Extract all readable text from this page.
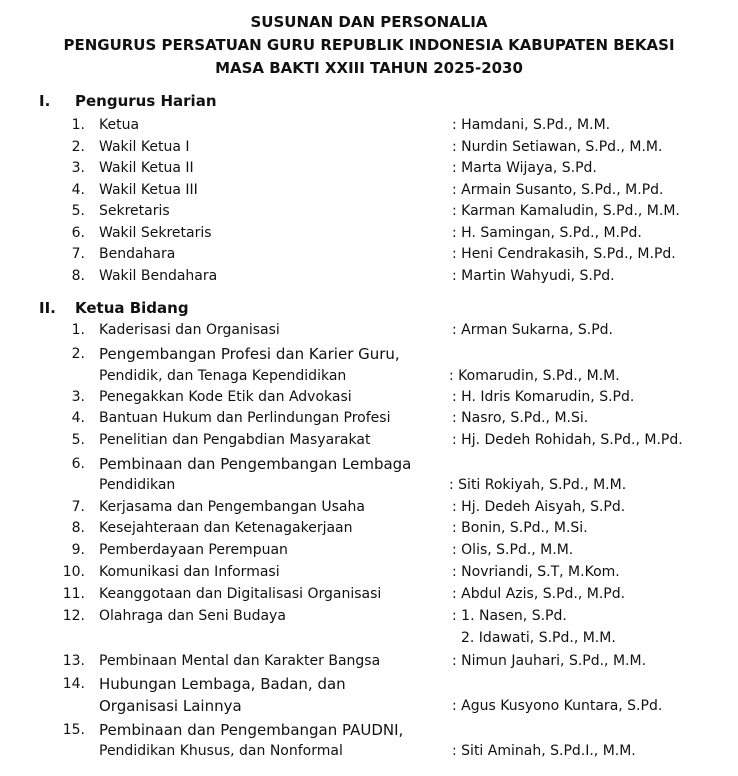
SUSUNAN DAN PERSONALIA
PENGURUS PERSATUAN GURU REPUBLIK INDONESIA KABUPATEN BEKASI
MASA BAKTI XXIII TAHUN 2025-2030
I. Pengurus Harian
1. Ketua	: Hamdani, S.Pd., M.M.
2. Wakil Ketua I	: Nurdin Setiawan, S.Pd., M.M.
3. Wakil Ketua II	: Marta Wijaya, S.Pd.
4. Wakil Ketua III	: Armain Susanto, S.Pd., M.Pd.
5. Sekretaris	: Karman Kamaludin, S.Pd., M.M.
6. Wakil Sekretaris	: H. Samingan, S.Pd., M.Pd.
7. Bendahara	: Heni Cendrakasih, S.Pd., M.Pd.
8. Wakil Bendahara	: Martin Wahyudi, S.Pd.
II. Ketua Bidang
1. Kaderisasi dan Organisasi	: Arman Sukarna, S.Pd.
2. Pengembangan Profesi dan Karier Guru,
Pendidik, dan Tenaga Kependidikan	: Komarudin, S.Pd., M.M.
3. Penegakkan Kode Etik dan Advokasi	: H. Idris Komarudin, S.Pd.
4. Bantuan Hukum dan Perlindungan Profesi	: Nasro, S.Pd., M.Si.
5. Penelitian dan Pengabdian Masyarakat	: Hj. Dedeh Rohidah, S.Pd., M.Pd.
6. Pembinaan dan Pengembangan Lembaga
Pendidikan	: Siti Rokiyah, S.Pd., M.M.
7. Kerjasama dan Pengembangan Usaha	: Hj. Dedeh Aisyah, S.Pd.
8. Kesejahteraan dan Ketenagakerjaan	: Bonin, S.Pd., M.Si.
9. Pemberdayaan Perempuan	: Olis, S.Pd., M.M.
10. Komunikasi dan Informasi	: Novriandi, S.T, M.Kom.
11. Keanggotaan dan Digitalisasi Organisasi	: Abdul Azis, S.Pd., M.Pd.
12. Olahraga dan Seni Budaya	: 1. Nasen, S.Pd.
2. Idawati, S.Pd., M.M.
13. Pembinaan Mental dan Karakter Bangsa	: Nimun Jauhari, S.Pd., M.M.
14. Hubungan Lembaga, Badan, dan
Organisasi Lainnya	: Agus Kusyono Kuntara, S.Pd.
15. Pembinaan dan Pengembangan PAUDNI,
Pendidikan Khusus, dan Nonformal	: Siti Aminah, S.Pd.I., M.M.
